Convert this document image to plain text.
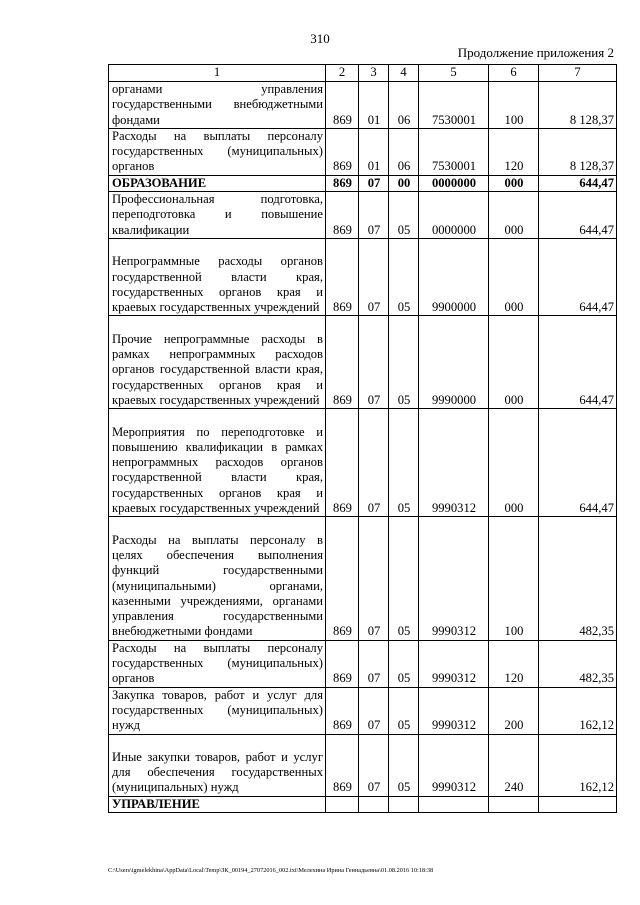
310
Продолжение приложения 2
1	2	3	4	5	6	7
органами управления государственными внебюджетными фондами	869	01	06	7530001	100	8 128,37
Расходы на выплаты персоналу государственных (муниципальных) органов	869	01	06	7530001	120	8 128,37
ОБРАЗОВАНИЕ	869	07	00	0000000	000	644,47
Профессиональная подготовка, переподготовка и повышение квалификации	869	07	05	0000000	000	644,47
Непрограммные расходы органов государственной власти края, государственных органов края и краевых государственных учреждений	869	07	05	9900000	000	644,47
Прочие непрограммные расходы в рамках непрограммных расходов органов государственной власти края, государственных органов края и краевых государственных учреждений	869	07	05	9990000	000	644,47
Мероприятия по переподготовке и повышению квалификации в рамках непрограммных расходов органов государственной власти края, государственных органов края и краевых государственных учреждений	869	07	05	9990312	000	644,47
Расходы на выплаты персоналу в целях обеспечения выполнения функций государственными (муниципальными) органами, казенными учреждениями, органами управления государственными внебюджетными фондами	869	07	05	9990312	100	482,35
Расходы на выплаты персоналу государственных (муниципальных) органов	869	07	05	9990312	120	482,35
Закупка товаров, работ и услуг для государственных (муниципальных) нужд	869	07	05	9990312	200	162,12
Иные закупки товаров, работ и услуг для обеспечения государственных (муниципальных) нужд	869	07	05	9990312	240	162,12
УПРАВЛЕНИЕ						
C:\Users\igmelekhina\AppData\Local\Temp\ЗК_00194_27072016_002.txt\Мелехина Ирина Геннадьевна\01.08.2016 10:18:38
